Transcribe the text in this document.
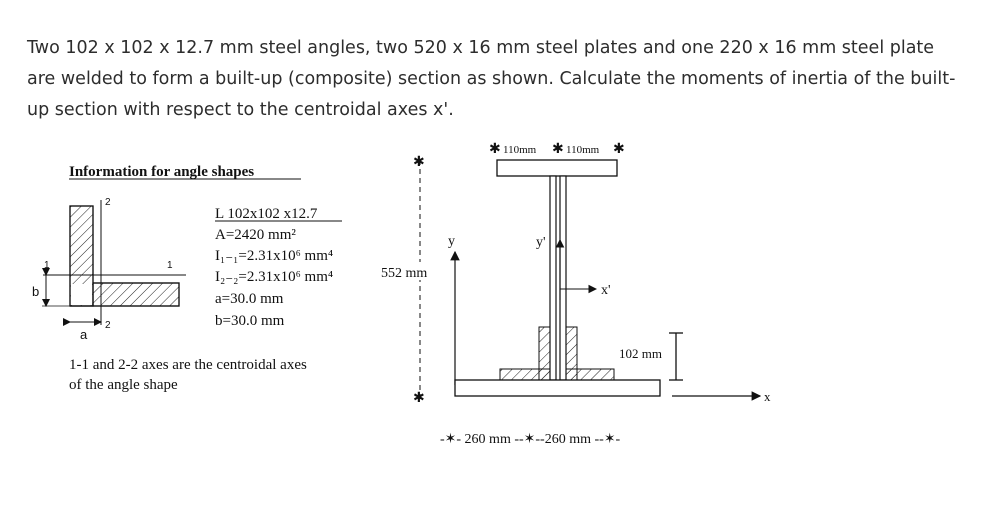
Two 102 x 102 x 12.7 mm steel angles, two 520 x 16 mm steel plates and one 220 x 16 mm steel plate are welded to form a built-up (composite) section as shown. Calculate the moments of inertia of the built-up section with respect to the centroidal axes x'.

Information for angle shapes
2
1	1
b
2
a
L 102x102 x12.7
A=2420 mm²
I₁₋₁=2.31x10⁶ mm⁴
I₂₋₂=2.31x10⁶ mm⁴
a=30.0 mm
b=30.0 mm
1-1 and 2-2 axes are the centroidal axes
of the angle shape
✱
✱
552 mm
y	y'
x'
x
✱ 110mm ✱ 110mm ✱
102 mm
-✶- 260 mm --✶--260 mm --✶-
